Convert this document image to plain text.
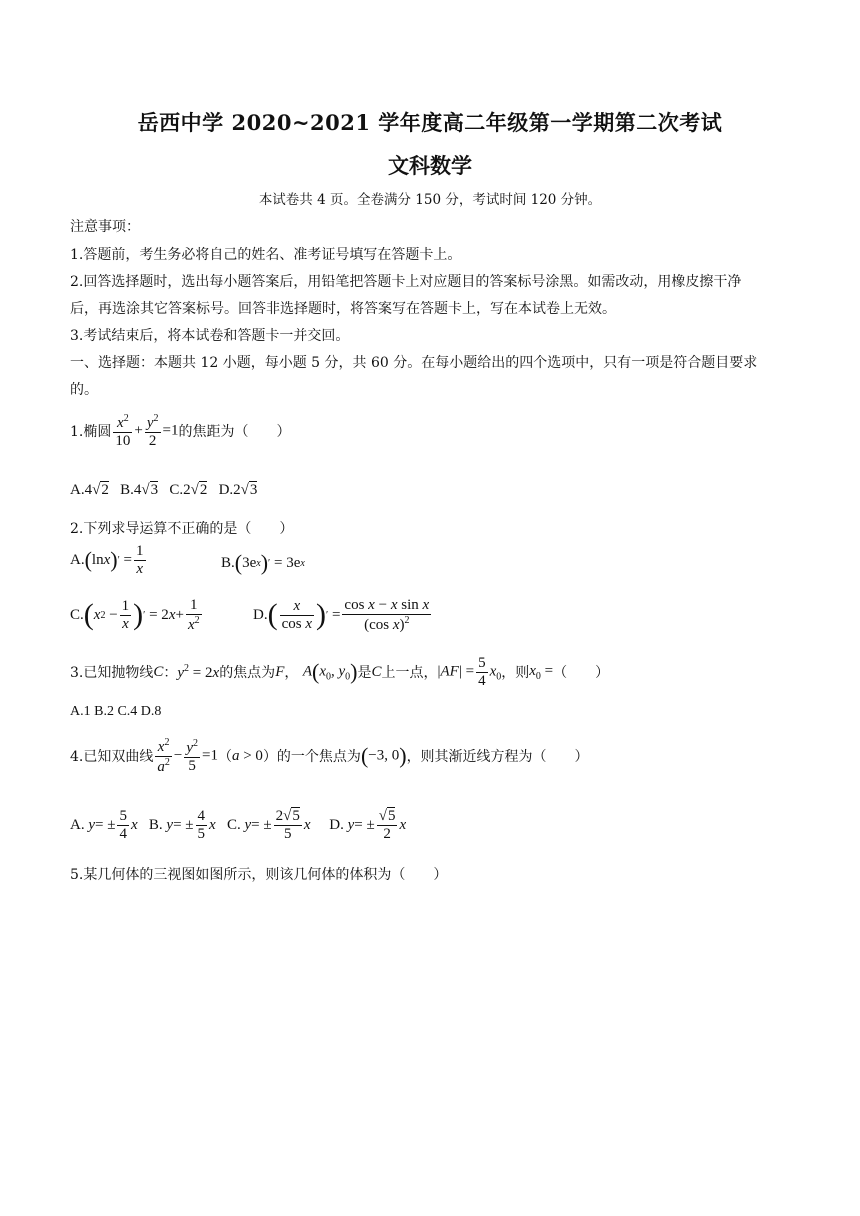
岳西中学 2020~2021 学年度高二年级第一学期第二次考试
文科数学
本试卷共 4 页。全卷满分 150 分，考试时间 120 分钟。
注意事项：
1.答题前，考生务必将自己的姓名、准考证号填写在答题卡上。
2.回答选择题时，选出每小题答案后，用铅笔把答题卡上对应题目的答案标号涂黑。如需改动，用橡皮擦干净
后，再选涂其它答案标号。回答非选择题时，将答案写在答题卡上，写在本试卷上无效。
3.考试结束后，将本试卷和答题卡一并交回。
一、选择题：本题共 12 小题，每小题 5 分，共 60 分。在每小题给出的四个选项中，只有一项是符合题目要求
的。
1.椭圆 $\frac{x^2}{10} + \frac{y^2}{2} =1$ 的焦距为（　　）
A.4√2   B.4√3   C.2√2   D.2√3
2.下列求导运算不正确的是（　　）
A. ( ln x ) ′ = $\frac{1}{x}$	B. ( 3e x ) ′ = 3e x
C. ( x $2 - \frac{1}{x}$ ) ′ = 2 $x + \frac{1}{x^2}$	D. ( $\frac{x}{\text{cos x}}$ ) ′ = $\frac{\text{cos x − x sin x}}{(\cos x)^2}$
3.已知抛物线 C ： $y^2 = 2x$ 的焦点为 F ， $A(x_0$, $y_0$) 是 C 上一点， $|AF| = \frac{5}{4} x_0$ ，则 $x_0$ = （　　）
A.1 B.2 C.4 D.8
4.已知双曲线 $\frac{x^2}{a^2} - \frac{y^2}{5} =1$ （ a > 0 ）的一个焦点为 (−3, 0) ，则其渐近线方程为（　　）
A. y = ± $\frac{5}{4}$ x B. y = ± $\frac{4}{5}$ x C. y = ± $\frac{2√5}{5}$ x D. y = ± $\frac{√5}{2}$ x
5.某几何体的三视图如图所示，则该几何体的体积为（　　）
